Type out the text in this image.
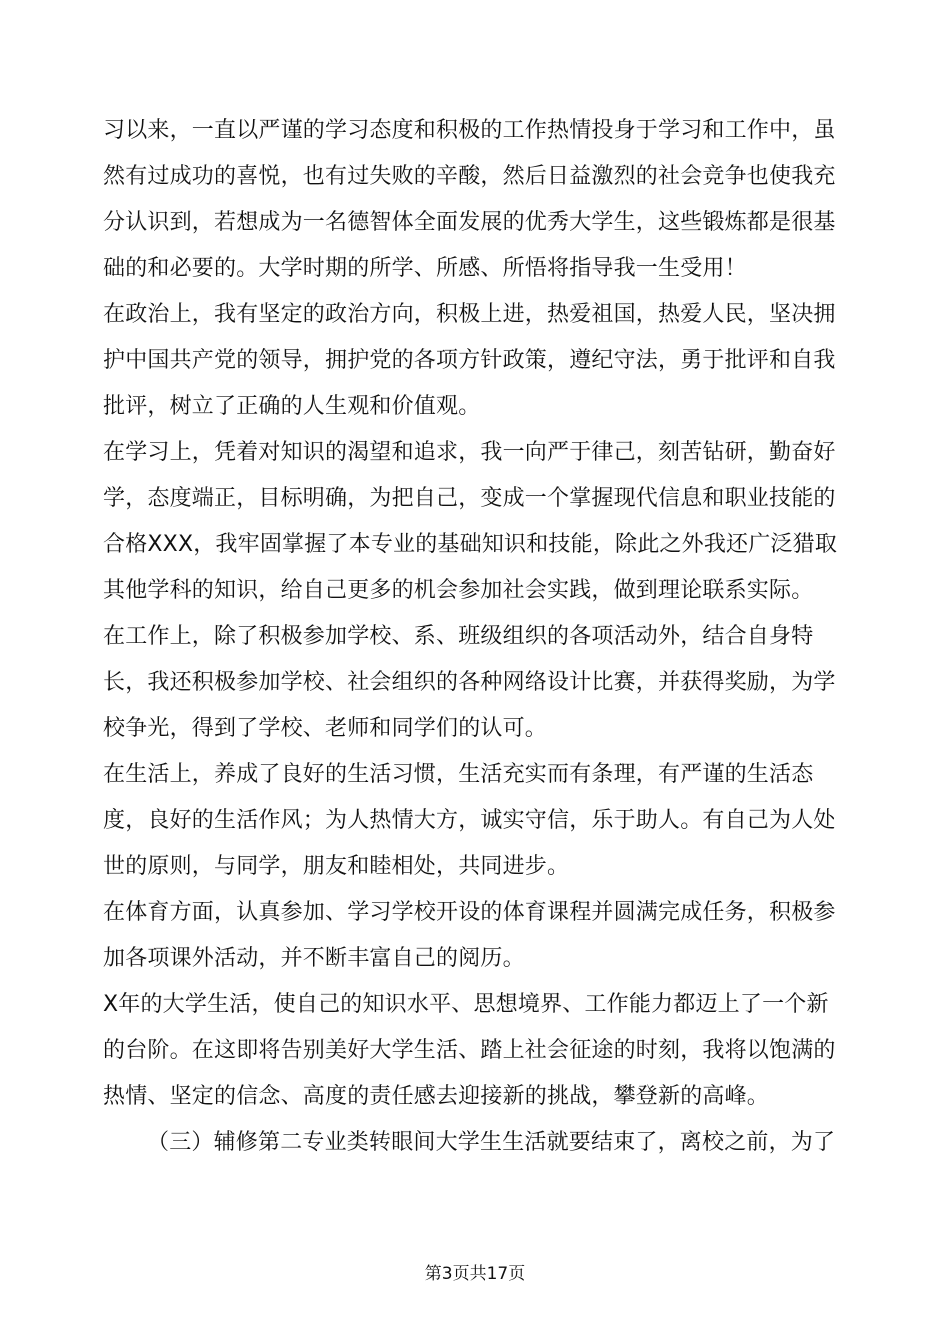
习以来，一直以严谨的学习态度和积极的工作热情投身于学习和工作中，虽然有过成功的喜悦，也有过失败的辛酸，然后日益激烈的社会竞争也使我充分认识到，若想成为一名德智体全面发展的优秀大学生，这些锻炼都是很基础的和必要的。大学时期的所学、所感、所悟将指导我一生受用！

在政治上，我有坚定的政治方向，积极上进，热爱祖国，热爱人民，坚决拥护中国共产党的领导，拥护党的各项方针政策，遵纪守法，勇于批评和自我批评，树立了正确的人生观和价值观。

在学习上，凭着对知识的渴望和追求，我一向严于律己，刻苦钻研，勤奋好学，态度端正，目标明确，为把自己，变成一个掌握现代信息和职业技能的合格XXX，我牢固掌握了本专业的基础知识和技能，除此之外我还广泛猎取其他学科的知识，给自己更多的机会参加社会实践，做到理论联系实际。

在工作上，除了积极参加学校、系、班级组织的各项活动外，结合自身特长，我还积极参加学校、社会组织的各种网络设计比赛，并获得奖励，为学校争光，得到了学校、老师和同学们的认可。

在生活上，养成了良好的生活习惯，生活充实而有条理，有严谨的生活态度，良好的生活作风；为人热情大方，诚实守信，乐于助人。有自己为人处世的原则，与同学，朋友和睦相处，共同进步。

在体育方面，认真参加、学习学校开设的体育课程并圆满完成任务，积极参加各项课外活动，并不断丰富自己的阅历。

X年的大学生活，使自己的知识水平、思想境界、工作能力都迈上了一个新的台阶。在这即将告别美好大学生活、踏上社会征途的时刻，我将以饱满的热情、坚定的信念、高度的责任感去迎接新的挑战，攀登新的高峰。

（三）辅修第二专业类转眼间大学生生活就要结束了，离校之前，为了

第3页共17页
